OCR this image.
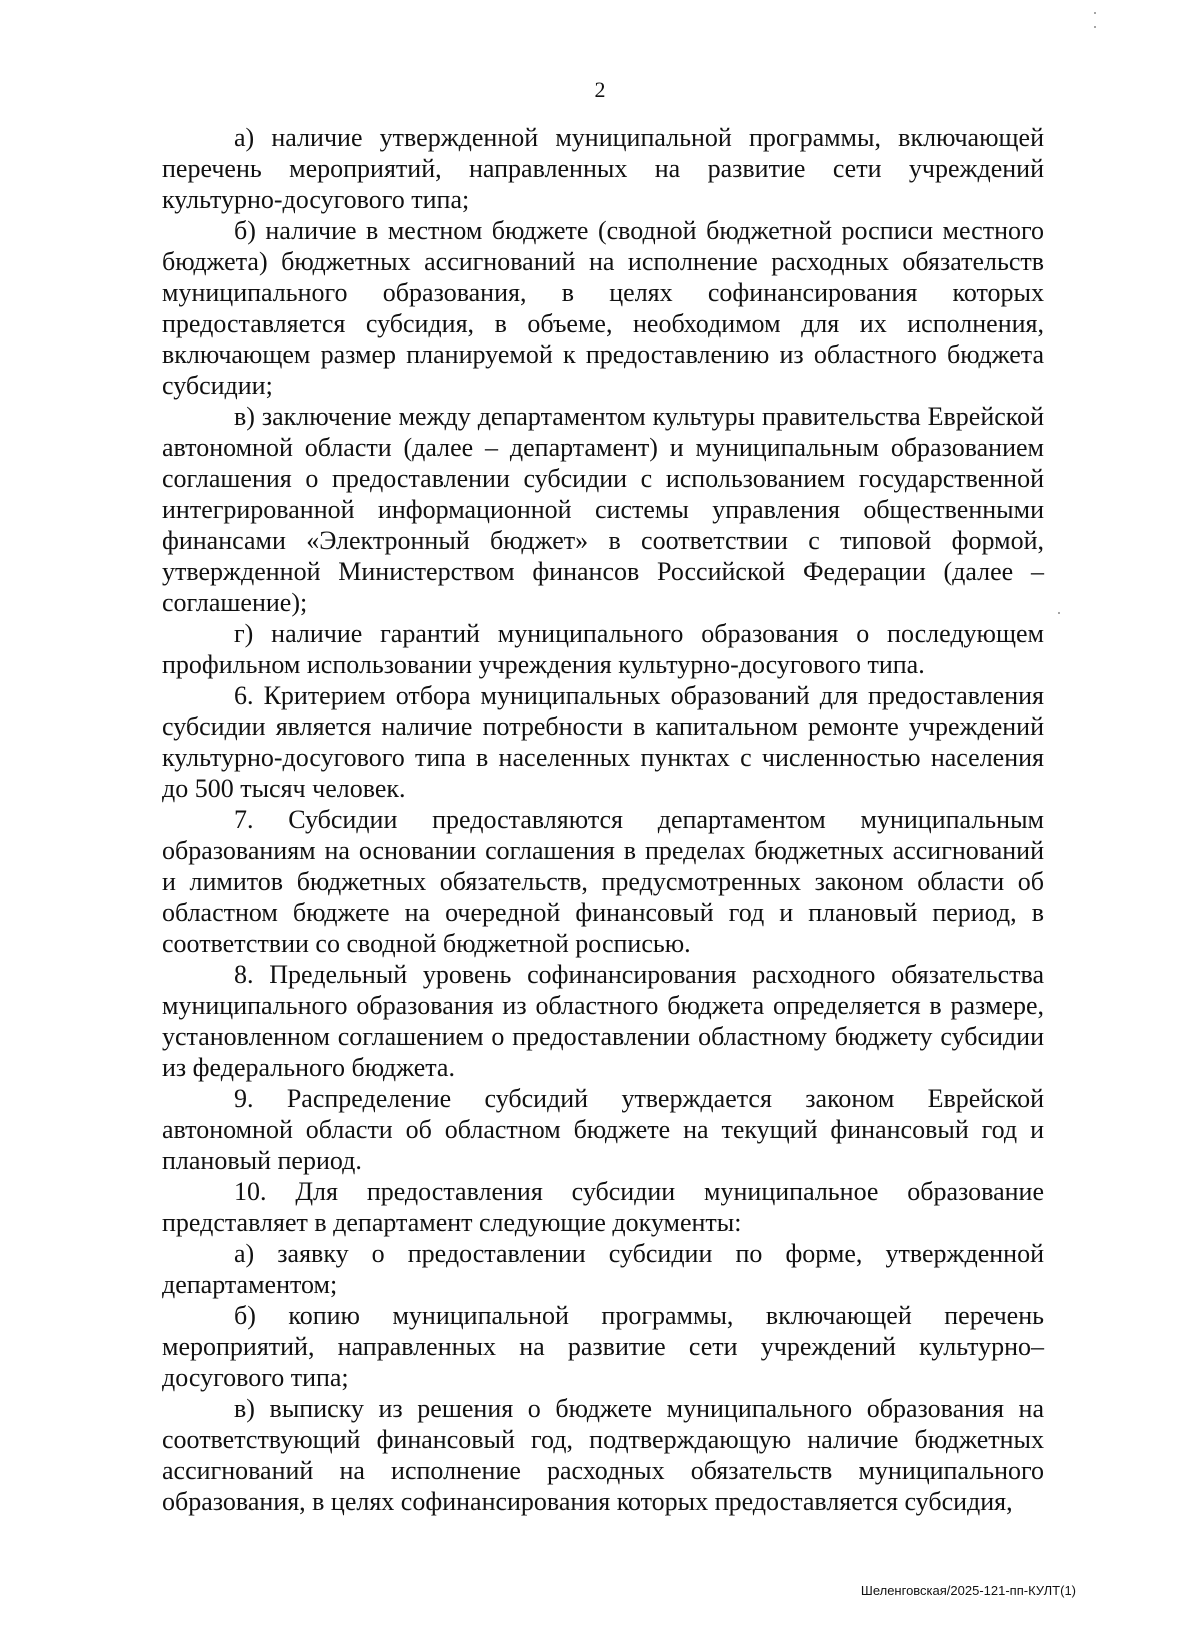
2

а) наличие утвержденной муниципальной программы, включающей перечень мероприятий, направленных на развитие сети учреждений культурно-досугового типа;

б) наличие в местном бюджете (сводной бюджетной росписи местного бюджета) бюджетных ассигнований на исполнение расходных обязательств муниципального образования, в целях софинансирования которых предоставляется субсидия, в объеме, необходимом для их исполнения, включающем размер планируемой к предоставлению из областного бюджета субсидии;

в) заключение между департаментом культуры правительства Еврейской автономной области (далее – департамент) и муниципальным образованием соглашения о предоставлении субсидии с использованием государственной интегрированной информационной системы управления общественными финансами «Электронный бюджет» в соответствии с типовой формой, утвержденной Министерством финансов Российской Федерации (далее – соглашение);

г) наличие гарантий муниципального образования о последующем профильном использовании учреждения культурно-досугового типа.

6. Критерием отбора муниципальных образований для предоставления субсидии является наличие потребности в капитальном ремонте учреждений культурно-досугового типа в населенных пунктах с численностью населения до 500 тысяч человек.

7. Субсидии предоставляются департаментом муниципальным образованиям на основании соглашения в пределах бюджетных ассигнований и лимитов бюджетных обязательств, предусмотренных законом области об областном бюджете на очередной финансовый год и плановый период, в соответствии со сводной бюджетной росписью.

8. Предельный уровень софинансирования расходного обязательства муниципального образования из областного бюджета определяется в размере, установленном соглашением о предоставлении областному бюджету субсидии из федерального бюджета.

9. Распределение субсидий утверждается законом Еврейской автономной области об областном бюджете на текущий финансовый год и плановый период.

10. Для предоставления субсидии муниципальное образование представляет в департамент следующие документы:

а) заявку о предоставлении субсидии по форме, утвержденной департаментом;

б) копию муниципальной программы, включающей перечень мероприятий, направленных на развитие сети учреждений культурно–досугового типа;

в) выписку из решения о бюджете муниципального образования на соответствующий финансовый год, подтверждающую наличие бюджетных ассигнований на исполнение расходных обязательств муниципального образования, в целях софинансирования которых предоставляется субсидия,

Шеленговская/2025-121-пп-КУЛТ(1)
